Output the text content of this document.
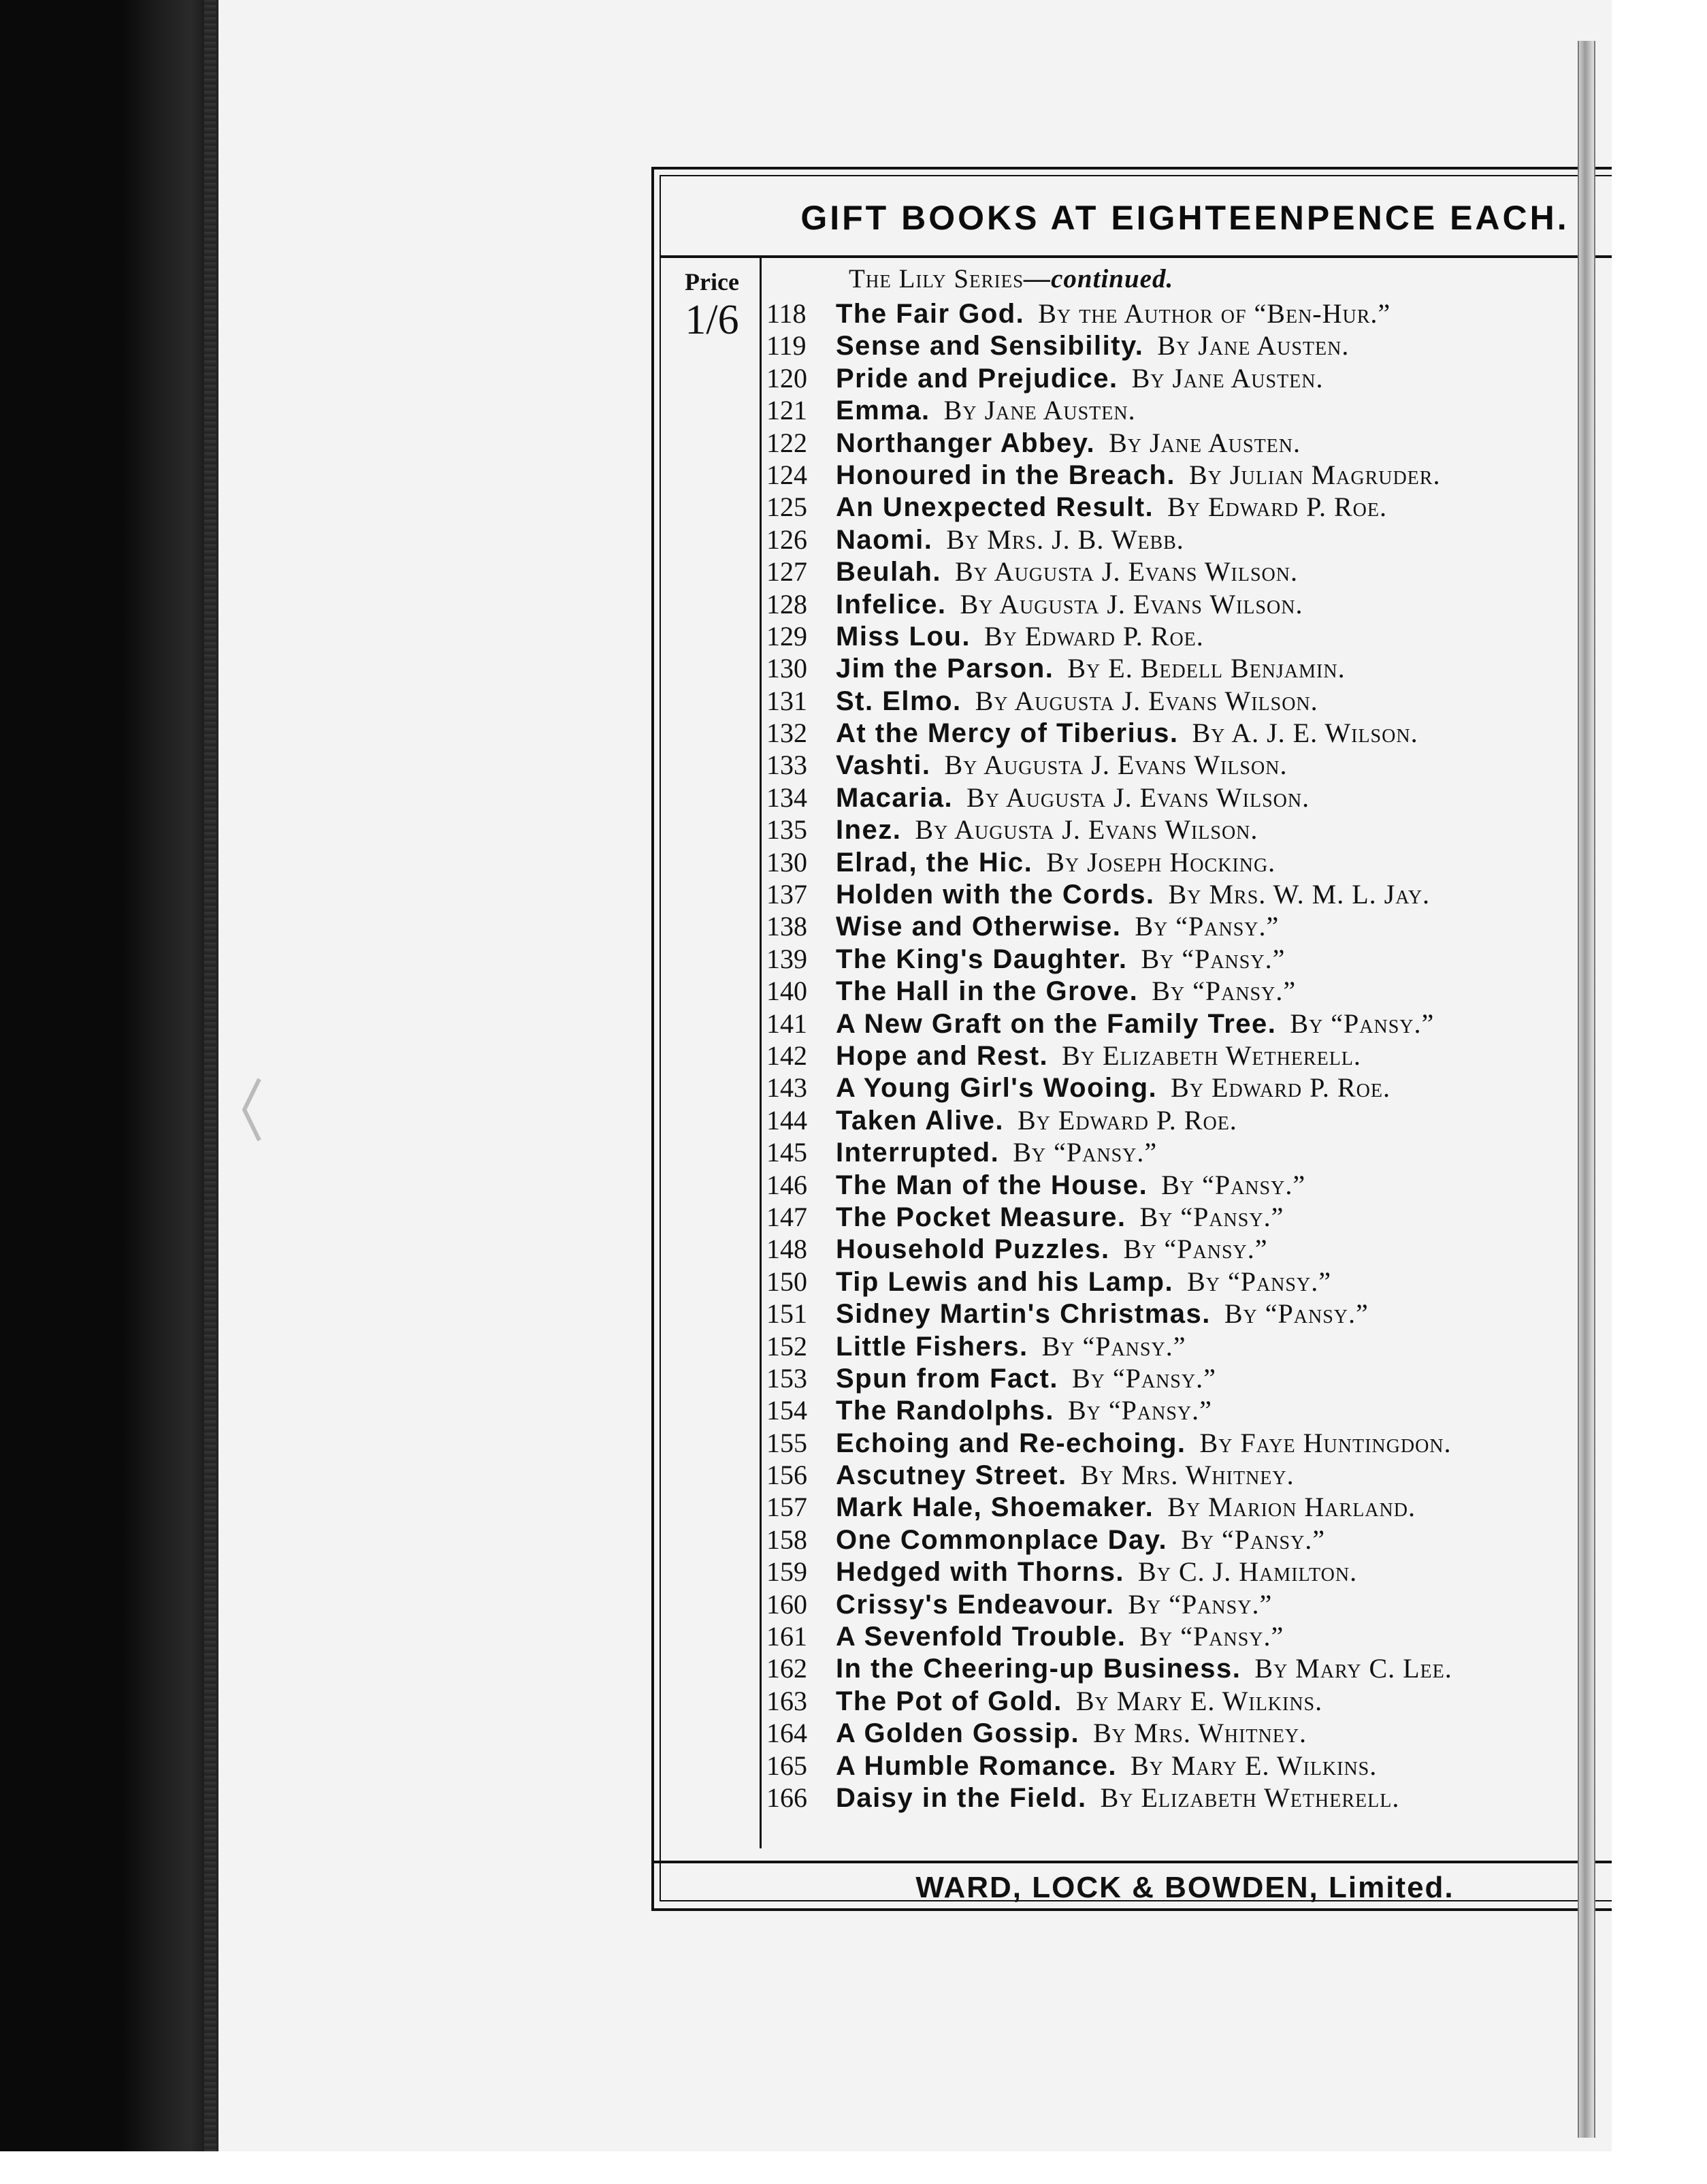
GIFT BOOKS AT EIGHTEENPENCE EACH.
Price
1/6
The Lily Series—continued.
118 The Fair God. By the Author of “Ben-Hur.”
119 Sense and Sensibility. By Jane Austen.
120 Pride and Prejudice. By Jane Austen.
121 Emma. By Jane Austen.
122 Northanger Abbey. By Jane Austen.
124 Honoured in the Breach. By Julian Magruder.
125 An Unexpected Result. By Edward P. Roe.
126 Naomi. By Mrs. J. B. Webb.
127 Beulah. By Augusta J. Evans Wilson.
128 Infelice. By Augusta J. Evans Wilson.
129 Miss Lou. By Edward P. Roe.
130 Jim the Parson. By E. Bedell Benjamin.
131 St. Elmo. By Augusta J. Evans Wilson.
132 At the Mercy of Tiberius. By A. J. E. Wilson.
133 Vashti. By Augusta J. Evans Wilson.
134 Macaria. By Augusta J. Evans Wilson.
135 Inez. By Augusta J. Evans Wilson.
130 Elrad, the Hic. By Joseph Hocking.
137 Holden with the Cords. By Mrs. W. M. L. Jay.
138 Wise and Otherwise. By “Pansy.”
139 The King's Daughter. By “Pansy.”
140 The Hall in the Grove. By “Pansy.”
141 A New Graft on the Family Tree. By “Pansy.”
142 Hope and Rest. By Elizabeth Wetherell.
143 A Young Girl's Wooing. By Edward P. Roe.
144 Taken Alive. By Edward P. Roe.
145 Interrupted. By “Pansy.”
146 The Man of the House. By “Pansy.”
147 The Pocket Measure. By “Pansy.”
148 Household Puzzles. By “Pansy.”
150 Tip Lewis and his Lamp. By “Pansy.”
151 Sidney Martin's Christmas. By “Pansy.”
152 Little Fishers. By “Pansy.”
153 Spun from Fact. By “Pansy.”
154 The Randolphs. By “Pansy.”
155 Echoing and Re-echoing. By Faye Huntingdon.
156 Ascutney Street. By Mrs. Whitney.
157 Mark Hale, Shoemaker. By Marion Harland.
158 One Commonplace Day. By “Pansy.”
159 Hedged with Thorns. By C. J. Hamilton.
160 Crissy's Endeavour. By “Pansy.”
161 A Sevenfold Trouble. By “Pansy.”
162 In the Cheering-up Business. By Mary C. Lee.
163 The Pot of Gold. By Mary E. Wilkins.
164 A Golden Gossip. By Mrs. Whitney.
165 A Humble Romance. By Mary E. Wilkins.
166 Daisy in the Field. By Elizabeth Wetherell.
WARD, LOCK & BOWDEN, Limited.
